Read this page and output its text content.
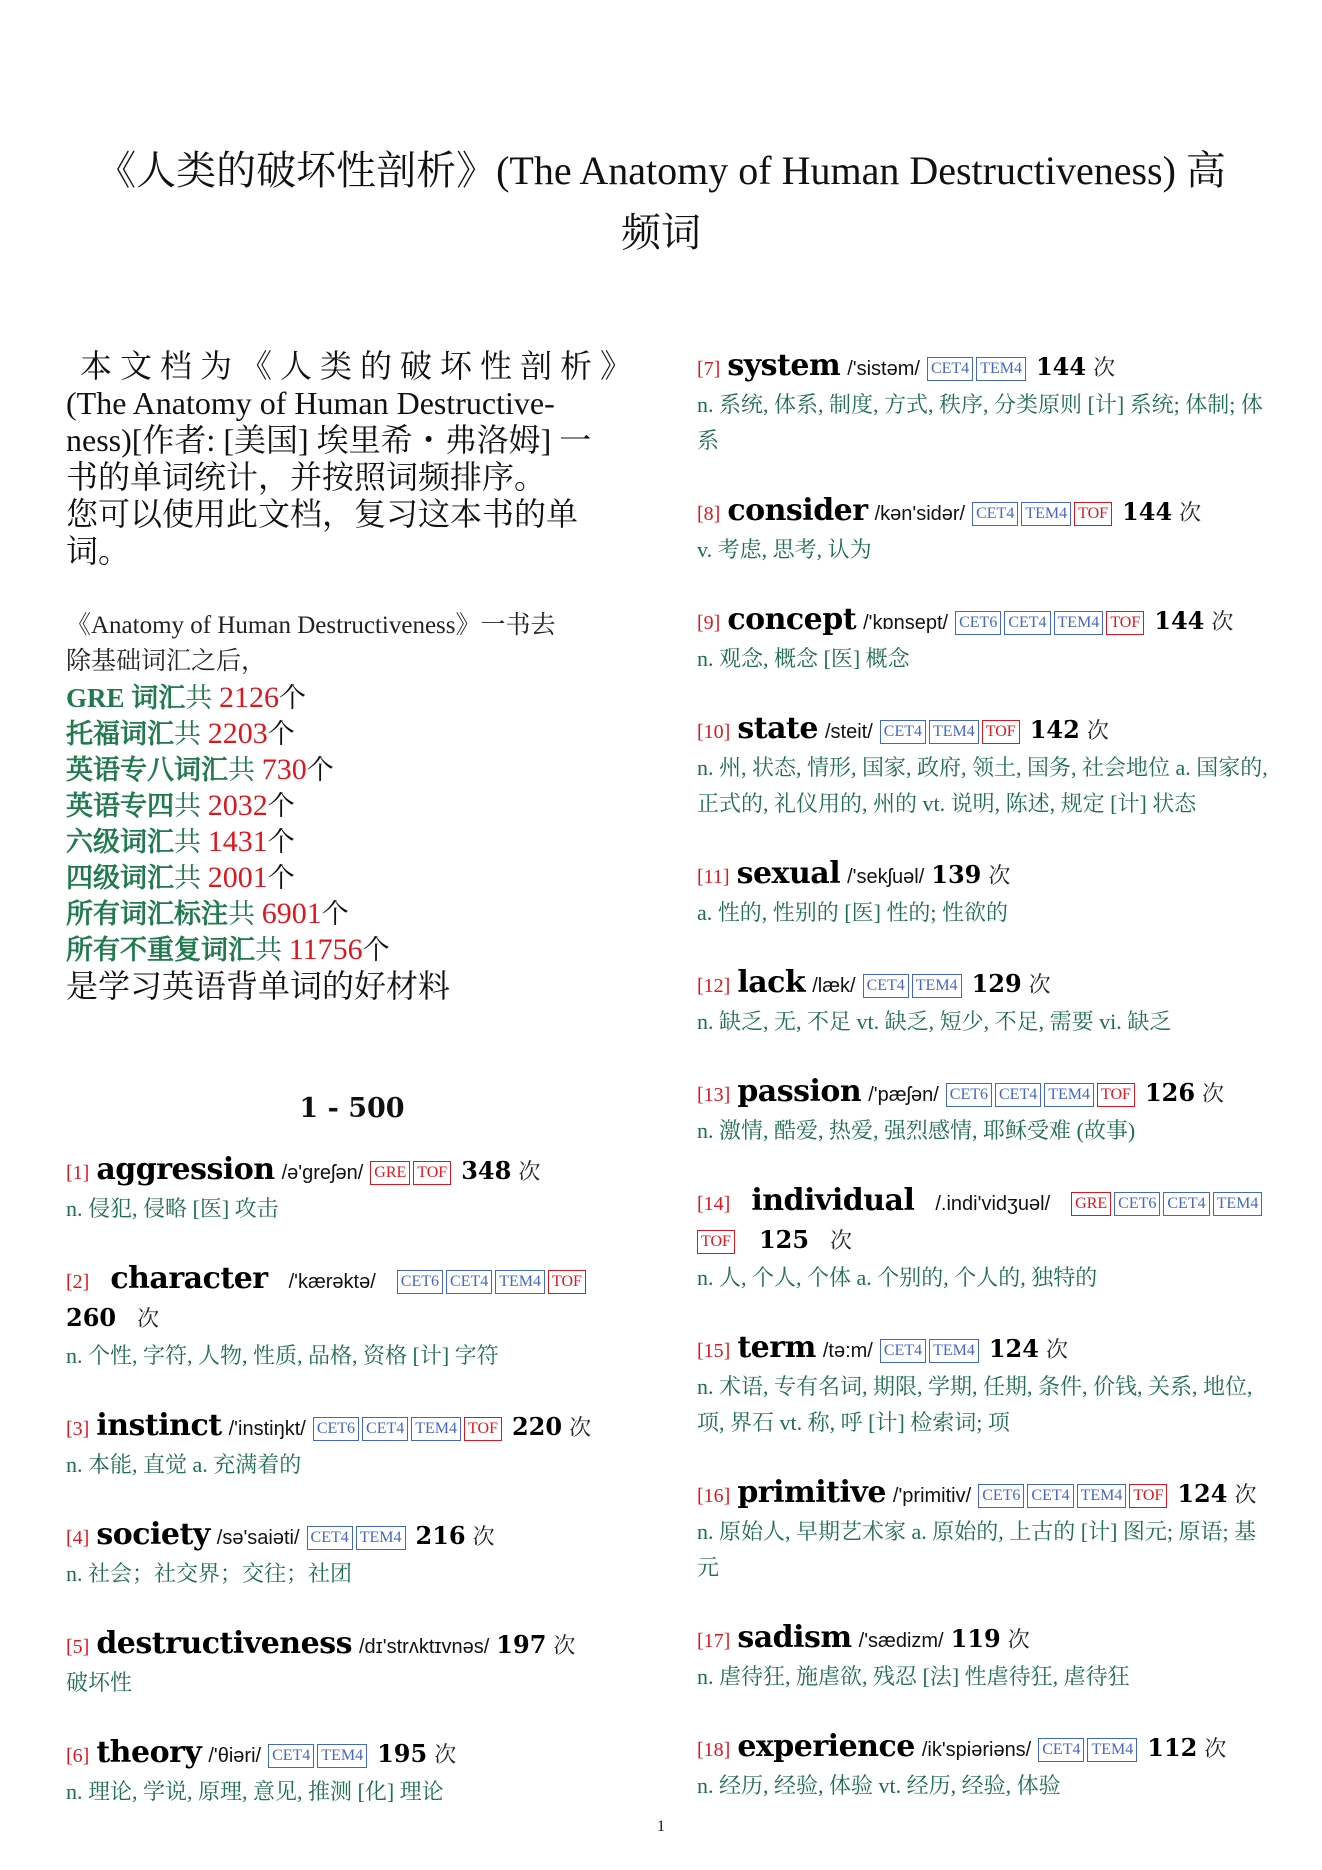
《人类的破坏性剖析》(The Anatomy of Human Destructiveness) 高
频词
本文档为《人类的破坏性剖析》
(The Anatomy of Human Destructive-
ness)[作者: [美国] 埃里希・弗洛姆] 一
书的单词统计，并按照词频排序。
您可以使用此文档，复习这本书的单
词。
《Anatomy of Human Destructiveness》一书去
除基础词汇之后，
GRE 词汇共 2126个
托福词汇共 2203个
英语专八词汇共 730个
英语专四共 2032个
六级词汇共 1431个
四级词汇共 2001个
所有词汇标注共 6901个
所有不重复词汇共 11756个
是学习英语背单词的好材料
1 - 500
[1] aggression /ə'greʃən/ GRE TOF 348 次
n. 侵犯, 侵略 [医] 攻击
[2] character /'kærəktə/ CET6 CET4 TEM4 TOF 260 次
n. 个性, 字符, 人物, 性质, 品格, 资格 [计] 字符
[3] instinct /'instiŋkt/ CET6 CET4 TEM4 TOF 220 次
n. 本能, 直觉 a. 充满着的
[4] society /sə'saiəti/ CET4 TEM4 216 次
n. 社会；社交界；交往；社团
[5] destructiveness /dɪ'strʌktɪvnəs/ 197 次
破坏性
[6] theory /'θiəri/ CET4 TEM4 195 次
n. 理论, 学说, 原理, 意见, 推测 [化] 理论
[7] system /'sistəm/ CET4 TEM4 144 次
n. 系统, 体系, 制度, 方式, 秩序, 分类原则 [计] 系统; 体制; 体系
[8] consider /kən'sidər/ CET4 TEM4 TOF 144 次
v. 考虑, 思考, 认为
[9] concept /'kɒnsept/ CET6 CET4 TEM4 TOF 144 次
n. 观念, 概念 [医] 概念
[10] state /steit/ CET4 TEM4 TOF 142 次
n. 州, 状态, 情形, 国家, 政府, 领土, 国务, 社会地位 a. 国家的, 正式的, 礼仪用的, 州的 vt. 说明, 陈述, 规定 [计] 状态
[11] sexual /'sekʃuəl/ 139 次
a. 性的, 性别的 [医] 性的; 性欲的
[12] lack /læk/ CET4 TEM4 129 次
n. 缺乏, 无, 不足 vt. 缺乏, 短少, 不足, 需要 vi. 缺乏
[13] passion /'pæʃən/ CET6 CET4 TEM4 TOF 126 次
n. 激情, 酷爱, 热爱, 强烈感情, 耶稣受难 (故事)
[14] individual /.indi'vidʒuəl/ GRE CET6 CET4 TEM4TOF 125 次
n. 人, 个人, 个体 a. 个别的, 个人的, 独特的
[15] term /tə:m/ CET4 TEM4 124 次
n. 术语, 专有名词, 期限, 学期, 任期, 条件, 价钱, 关系, 地位, 项, 界石 vt. 称, 呼 [计] 检索词; 项
[16] primitive /'primitiv/ CET6 CET4 TEM4 TOF 124 次
n. 原始人, 早期艺术家 a. 原始的, 上古的 [计] 图元; 原语; 基元
[17] sadism /'sædizm/ 119 次
n. 虐待狂, 施虐欲, 残忍 [法] 性虐待狂, 虐待狂
[18] experience /ik'spiəriəns/ CET4 TEM4 112 次
n. 经历, 经验, 体验 vt. 经历, 经验, 体验
1
